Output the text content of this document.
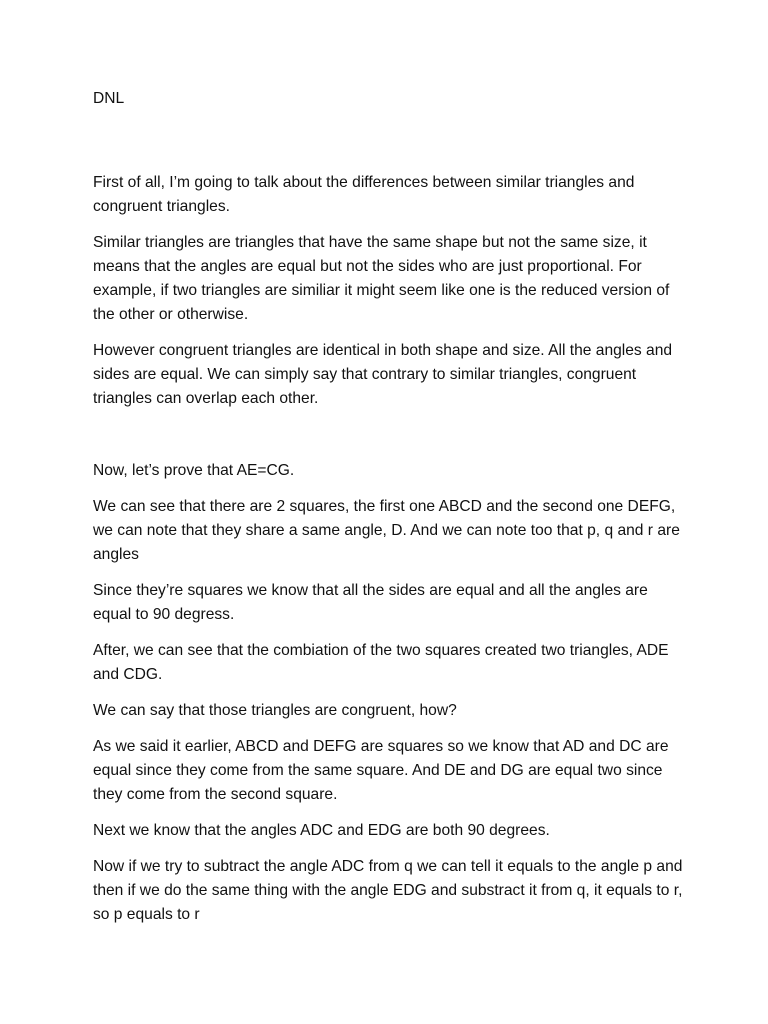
DNL

First of all, I’m going to talk about the differences between similar triangles and congruent triangles.

Similar triangles are triangles that have the same shape but not the same size, it means that the angles are equal but not the sides who are just proportional. For example, if two triangles are similiar it might seem like one is the reduced version of the other or otherwise.

However congruent triangles are identical in both shape and size. All the angles and sides are equal. We can simply say that contrary to similar triangles, congruent triangles can overlap each other.

Now, let’s prove that AE=CG.

We can see that there are 2 squares, the first one ABCD and the second one DEFG, we can note that they share a same angle, D. And we can note too that p, q and r are angles

Since they’re squares we know that all the sides are equal and all the angles are equal to 90 degress.

After, we can see that the combiation of the two squares created two triangles, ADE and CDG.

We can say that those triangles are congruent, how?

As we said it earlier, ABCD and DEFG are squares so we know that AD and DC are equal since they come from the same square. And DE and DG are equal two since they come from the second square.

Next we know that the angles ADC and EDG are both 90 degrees.

Now if we try to subtract the angle ADC from q we can tell it equals to the angle p and then if we do the same thing with the angle EDG and substract it from q, it equals to r, so p equals to r
